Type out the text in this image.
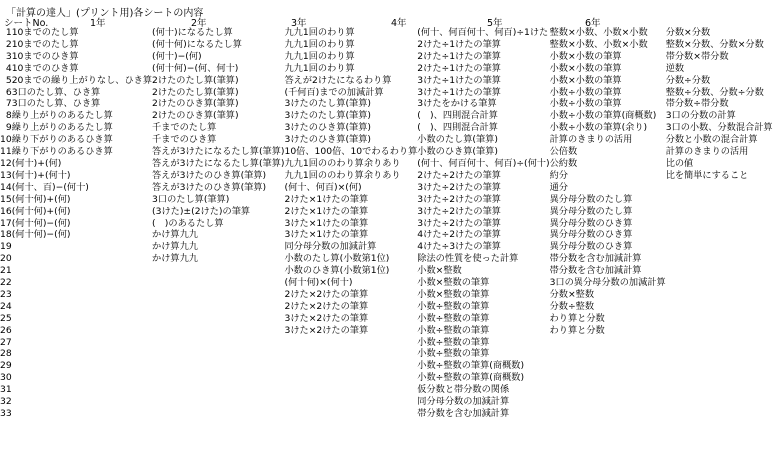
「計算の達人」(プリント用)各シートの内容
シートNo.	1年	2年	3年	4年	5年	6年
1	10までのたし算	(何十)になるたし算	九九1回のわり算	(何十、何百何十、何百)÷1けた	整数×小数、小数×小数	分数×分数
2	10までのたし算	(何十何)になるたし算	九九1回のわり算	2けた÷1けたの筆算	整数×小数、小数×小数	整数×分数、分数×分数
3	10までのひき算	(何十)−(何)	九九1回のわり算	2けた÷1けたの筆算	小数×小数の筆算	帯分数×帯分数
4	10までのひき算	(何十何)−(何、何十)	九九1回のわり算	2けた÷1けたの筆算	小数×小数の筆算	逆数
5	20までの繰り上がりなし、ひき算	2けたのたし算(筆算)	答えが2けたになるわり算	3けた÷1けたの筆算	小数×小数の筆算	分数÷分数
6	3口のたし算、ひき算	2けたのたし算(筆算)	(千何百)までの加減計算	3けた÷1けたの筆算	小数÷小数の筆算	整数÷分数、分数÷分数
7	3口のたし算、ひき算	2けたのひき算(筆算)	3けたのたし算(筆算)	3けたをかける筆算	小数÷小数の筆算	帯分数÷帯分数
8	繰り上がりのあるたし算	2けたのひき算(筆算)	3けたのたし算(筆算)	(　)、四則混合計算	小数÷小数の筆算(商概数)	3口の分数の計算
9	繰り上がりのあるたし算	千までのたし算	3けたのひき算(筆算)	(　)、四則混合計算	小数÷小数の筆算(余り)	3口の小数、分数混合計算
10	繰り下がりのあるひき算	千までのひき算	3けたのひき算(筆算)	小数のたし算(筆算)	計算のきまりの活用	分数と小数の混合計算
11	繰り下がりのあるひき算	答えが3けたになるたし算(筆算)	10倍、100倍、10でわるわり算	小数のひき算(筆算)	公倍数	計算のきまりの活用
12	(何十)+(何)	答えが3けたになるたし算(筆算)	九九1回ののわり算余りあり	(何十、何百何十、何百)÷(何十)	公約数	比の値
13	(何十)+(何十)	答えが3けたのひき算(筆算)	九九1回ののわり算余りあり	2けた÷2けたの筆算	約分	比を簡単にすること
14	(何十、百)−(何十)	答えが3けたのひき算(筆算)	(何十、何百)×(何)	3けた÷2けたの筆算	通分	
15	(何十何)+(何)	3口のたし算(筆算)	2けた×1けたの筆算	3けた÷2けたの筆算	異分母分数のたし算	
16	(何十何)+(何)	(3けた)±(2けた)の筆算	2けた×1けたの筆算	3けた÷2けたの筆算	異分母分数のたし算	
17	(何十何)−(何)	(　)のあるたし算	3けた×1けたの筆算	3けた÷2けたの筆算	異分母分数のひき算	
18	(何十何)−(何)	かけ算九九	3けた×1けたの筆算	4けた÷2けたの筆算	異分母分数のひき算	
19		かけ算九九	同分母分数の加減計算	4けた÷3けたの筆算	異分母分数のひき算	
20		かけ算九九	小数のたし算(小数第1位)	除法の性質を使った計算	帯分数を含む加減計算	
21			小数のひき算(小数第1位)	小数×整数	帯分数を含む加減計算	
22			(何十何)×(何十)	小数×整数の筆算	3口の異分母分数の加減計算	
23			2けた×2けたの筆算	小数×整数の筆算	分数×整数	
24			2けた×2けたの筆算	小数÷整数の筆算	分数÷整数	
25			3けた×2けたの筆算	小数÷整数の筆算	わり算と分数	
26			3けた×2けたの筆算	小数÷整数の筆算	わり算と分数	
27				小数÷整数の筆算		
28				小数÷整数の筆算		
29				小数÷整数の筆算(商概数)		
30				小数÷整数の筆算(商概数)		
31				仮分数と帯分数の関係		
32				同分母分数の加減計算		
33				帯分数を含む加減計算		
